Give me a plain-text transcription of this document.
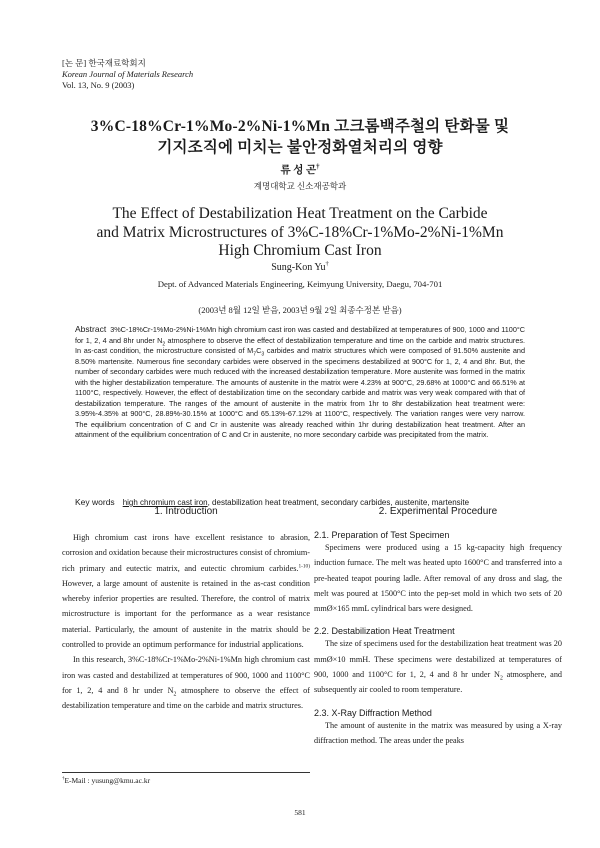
[논 문] 한국재료학회지
Korean Journal of Materials Research
Vol. 13, No. 9 (2003)
3%C-18%Cr-1%Mo-2%Ni-1%Mn 고크롬백주철의 탄화물 및
기지조직에 미치는 불안정화열처리의 영향
류 성 곤†
계명대학교 신소재공학과
The Effect of Destabilization Heat Treatment on the Carbide
and Matrix Microstructures of 3%C-18%Cr-1%Mo-2%Ni-1%Mn
High Chromium Cast Iron
Sung-Kon Yu†
Dept. of Advanced Materials Engineering, Keimyung University, Daegu, 704-701
(2003년 8월 12일 받음, 2003년 9월 2일 최종수정본 받음)
Abstract 3%C-18%Cr-1%Mo-2%Ni-1%Mn high chromium cast iron was casted and destabilized at temperatures of 900, 1000 and 1100°C for 1, 2, 4 and 8hr under $N_2$ atmosphere to observe the effect of destabilization temperature and time on the carbide and matrix structures. In as-cast condition, the microstructure consisted of $M_7C_3$ carbides and matrix structures which were composed of 91.50% austenite and 8.50% martensite. Numerous fine secondary carbides were observed in the specimens destabilized at 900°C for 1, 2, 4 and 8hr. But, the number of secondary carbides were much reduced with the increased destabilization temperature. More austenite was formed in the matrix with the higher destabilization temperature. The amounts of austenite in the matrix were 4.23% at 900°C, 29.68% at 1000°C and 66.51% at 1100°C, respectively. However, the effect of destabilization time on the secondary carbide and matrix was very weak compared with that of destabilization temperature. The ranges of the amount of austenite in the matrix from 1hr to 8hr destabilization heat treatment were: 3.95%-4.35% at 900°C, 28.89%-30.15% at 1000°C and 65.13%-67.12% at 1100°C, respectively. The variation ranges were very narrow. The equilibrium concentration of C and Cr in austenite was already reached within 1hr during destabilization heat treatment. After an attainment of the equilibrium concentration of C and Cr in austenite, no more secondary carbide was precipitated from the matrix.
Key words high chromium cast iron, destabilization heat treatment, secondary carbides, austenite, martensite

1. Introduction

High chromium cast irons have excellent resistance to abrasion, corrosion and oxidation because their microstructures consist of chromium-rich primary and eutectic matrix, and eutectic chromium carbides.$^{1-10)}$ However, a large amount of austenite is retained in the as-cast condition whereby inferior properties are resulted. Therefore, the control of matrix microstructure is important for the performance as a wear resistance material. Particularly, the amount of austenite in the matrix should be controlled to provide an optimum performance for industrial applications.

In this research, 3%C-18%Cr-1%Mo-2%Ni-1%Mn high chromium cast iron was casted and destabilized at temperatures of 900, 1000 and 1100°C for 1, 2, 4 and 8 hr under $N_2$ atmosphere to observe the effect of destabilization temperature and time on the carbide and matrix structures.

2. Experimental Procedure

2.1. Preparation of Test Specimen

Specimens were produced using a 15 kg-capacity high frequency induction furnace. The melt was heated upto 1600°C and transferred into a pre-heated teapot pouring ladle. After removal of any dross and slag, the melt was poured at 1500°C into the pep-set mold in which two sets of 20 mmØ×165 mmL cylindrical bars were designed.

2.2. Destabilization Heat Treatment

The size of specimens used for the destabilization heat treatment was 20 mmØ×10 mmH. These specimens were destabilized at temperatures of 900, 1000 and 1100°C for 1, 2, 4 and 8 hr under $N_2$ atmosphere, and subsequently air cooled to room temperature.

2.3. X-Ray Diffraction Method

The amount of austenite in the matrix was measured by using a X-ray diffraction method. The areas under the peaks

†E-Mail : yusung@kmu.ac.kr
581
